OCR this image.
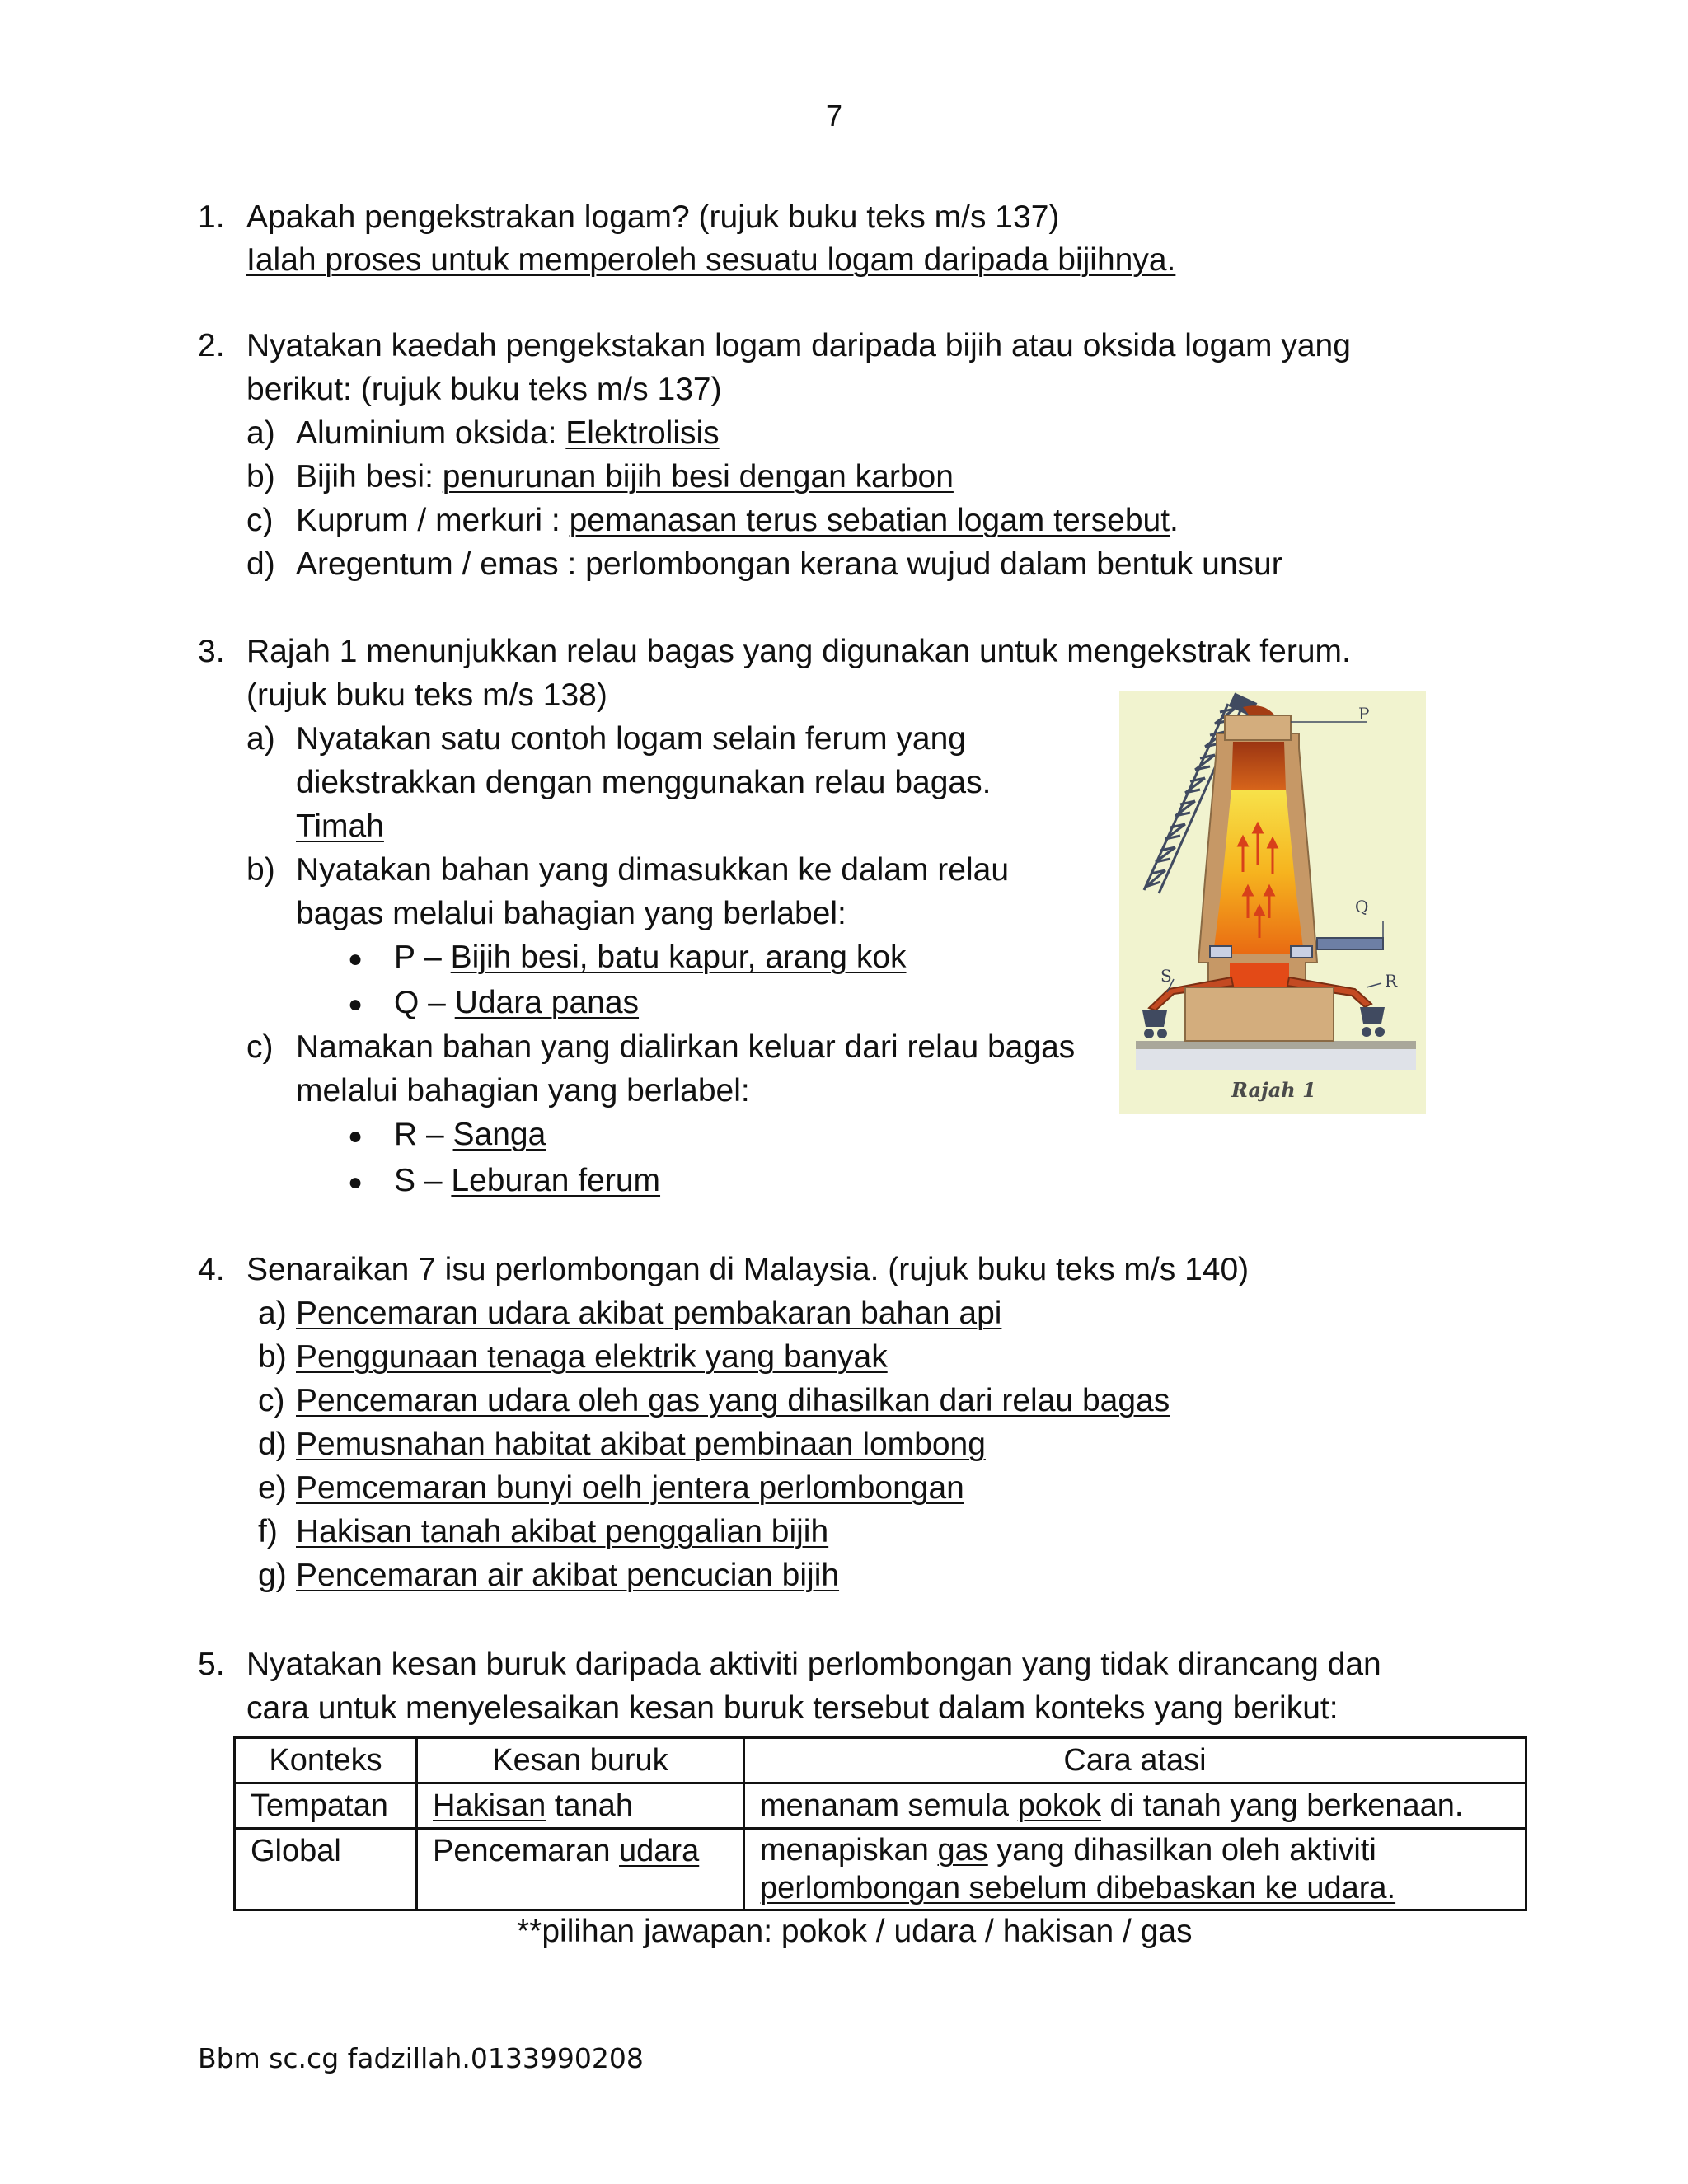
7
1. Apakah pengekstrakan logam? (rujuk buku teks m/s 137)
Ialah proses untuk memperoleh sesuatu logam daripada bijihnya.
2. Nyatakan kaedah pengekstakan logam daripada bijih atau oksida logam yang
berikut: (rujuk buku teks m/s 137)
a) Aluminium oksida: Elektrolisis
b) Bijih besi: penurunan bijih besi dengan karbon
c) Kuprum / merkuri : pemanasan terus sebatian logam tersebut.
d) Aregentum / emas : perlombongan kerana wujud dalam bentuk unsur
3. Rajah 1 menunjukkan relau bagas yang digunakan untuk mengekstrak ferum.
(rujuk buku teks m/s 138)
a) Nyatakan satu contoh logam selain ferum yang
diekstrakkan dengan menggunakan relau bagas.
Timah
b) Nyatakan bahan yang dimasukkan ke dalam relau
bagas melalui bahagian yang berlabel:
● P – Bijih besi, batu kapur, arang kok
● Q – Udara panas
c) Namakan bahan yang dialirkan keluar dari relau bagas
melalui bahagian yang berlabel:
● R – Sanga
● S – Leburan ferum
P
Q
R
S
Rajah 1
4. Senaraikan 7 isu perlombongan di Malaysia. (rujuk buku teks m/s 140)
a) Pencemaran udara akibat pembakaran bahan api
b) Penggunaan tenaga elektrik yang banyak
c) Pencemaran udara oleh gas yang dihasilkan dari relau bagas
d) Pemusnahan habitat akibat pembinaan lombong
e) Pemcemaran bunyi oelh jentera perlombongan
f) Hakisan tanah akibat penggalian bijih
g) Pencemaran air akibat pencucian bijih
5. Nyatakan kesan buruk daripada aktiviti perlombongan yang tidak dirancang dan
cara untuk menyelesaikan kesan buruk tersebut dalam konteks yang berikut:
Konteks	Kesan buruk	Cara atasi
Tempatan	Hakisan tanah	menanam semula pokok di tanah yang berkenaan.
Global	Pencemaran udara	menapiskan gas yang dihasilkan oleh aktiviti
perlombongan sebelum dibebaskan ke udara.
**pilihan jawapan: pokok / udara / hakisan / gas
Bbm sc.cg fadzillah.0133990208
